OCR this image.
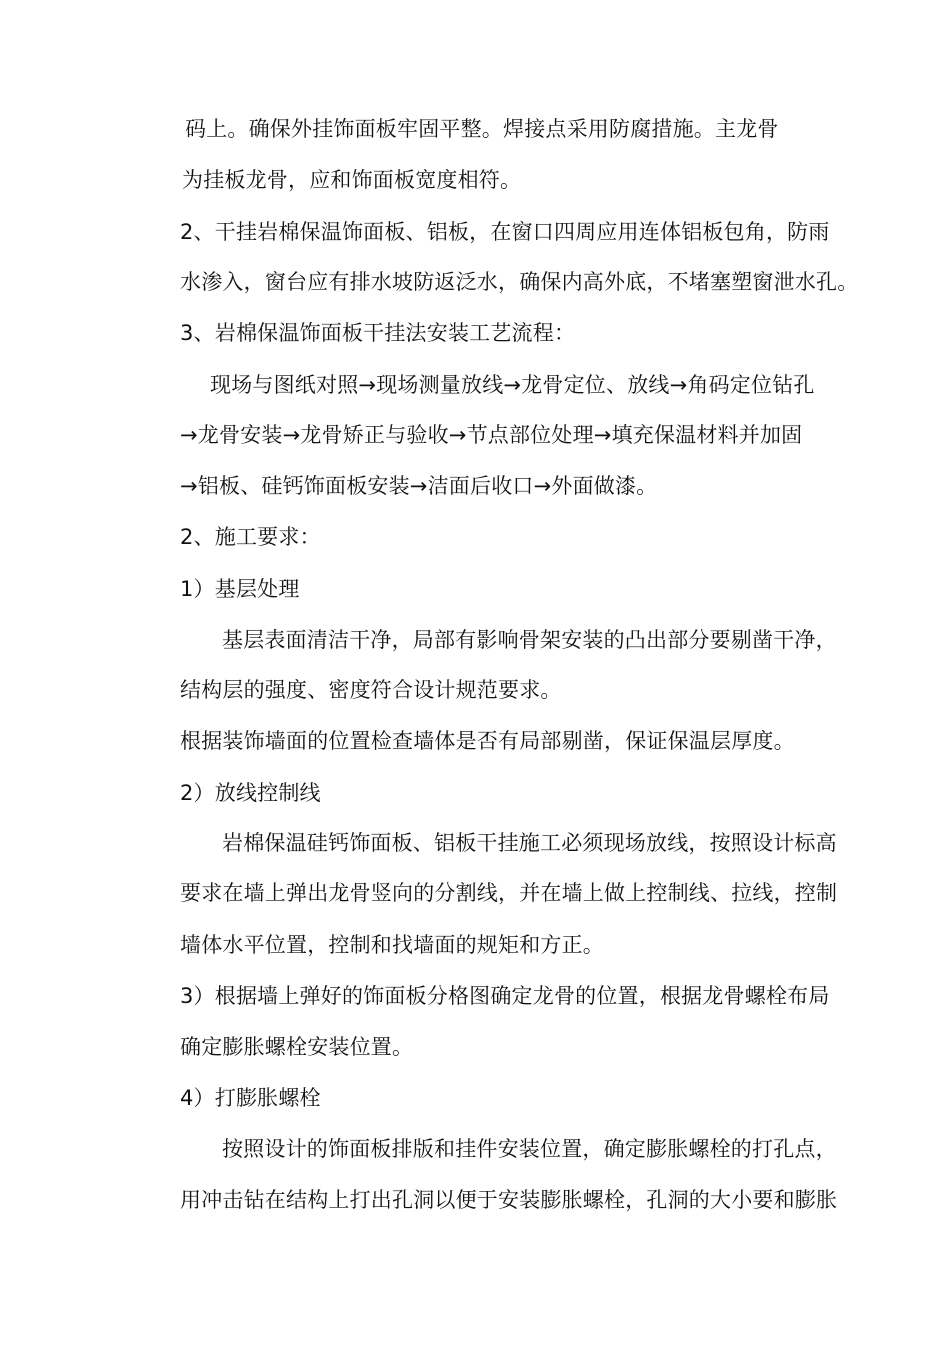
码上。确保外挂饰面板牢固平整。焊接点采用防腐措施。主龙骨
为挂板龙骨，应和饰面板宽度相符。
2、干挂岩棉保温饰面板、铝板，在窗口四周应用连体铝板包角，防雨
水渗入，窗台应有排水坡防返泛水，确保内高外底，不堵塞塑窗泄水孔。
3、岩棉保温饰面板干挂法安装工艺流程：
现场与图纸对照→现场测量放线→龙骨定位、放线→角码定位钻孔
→龙骨安装→龙骨矫正与验收→节点部位处理→填充保温材料并加固
→铝板、硅钙饰面板安装→洁面后收口→外面做漆。
2、施工要求：
1）基层处理
基层表面清洁干净，局部有影响骨架安装的凸出部分要剔凿干净，
结构层的强度、密度符合设计规范要求。
根据装饰墙面的位置检查墙体是否有局部剔凿，保证保温层厚度。
2）放线控制线
岩棉保温硅钙饰面板、铝板干挂施工必须现场放线，按照设计标高
要求在墙上弹出龙骨竖向的分割线，并在墙上做上控制线、拉线，控制
墙体水平位置，控制和找墙面的规矩和方正。
3）根据墙上弹好的饰面板分格图确定龙骨的位置，根据龙骨螺栓布局
确定膨胀螺栓安装位置。
4）打膨胀螺栓
按照设计的饰面板排版和挂件安装位置，确定膨胀螺栓的打孔点，
用冲击钻在结构上打出孔洞以便于安装膨胀螺栓，孔洞的大小要和膨胀
